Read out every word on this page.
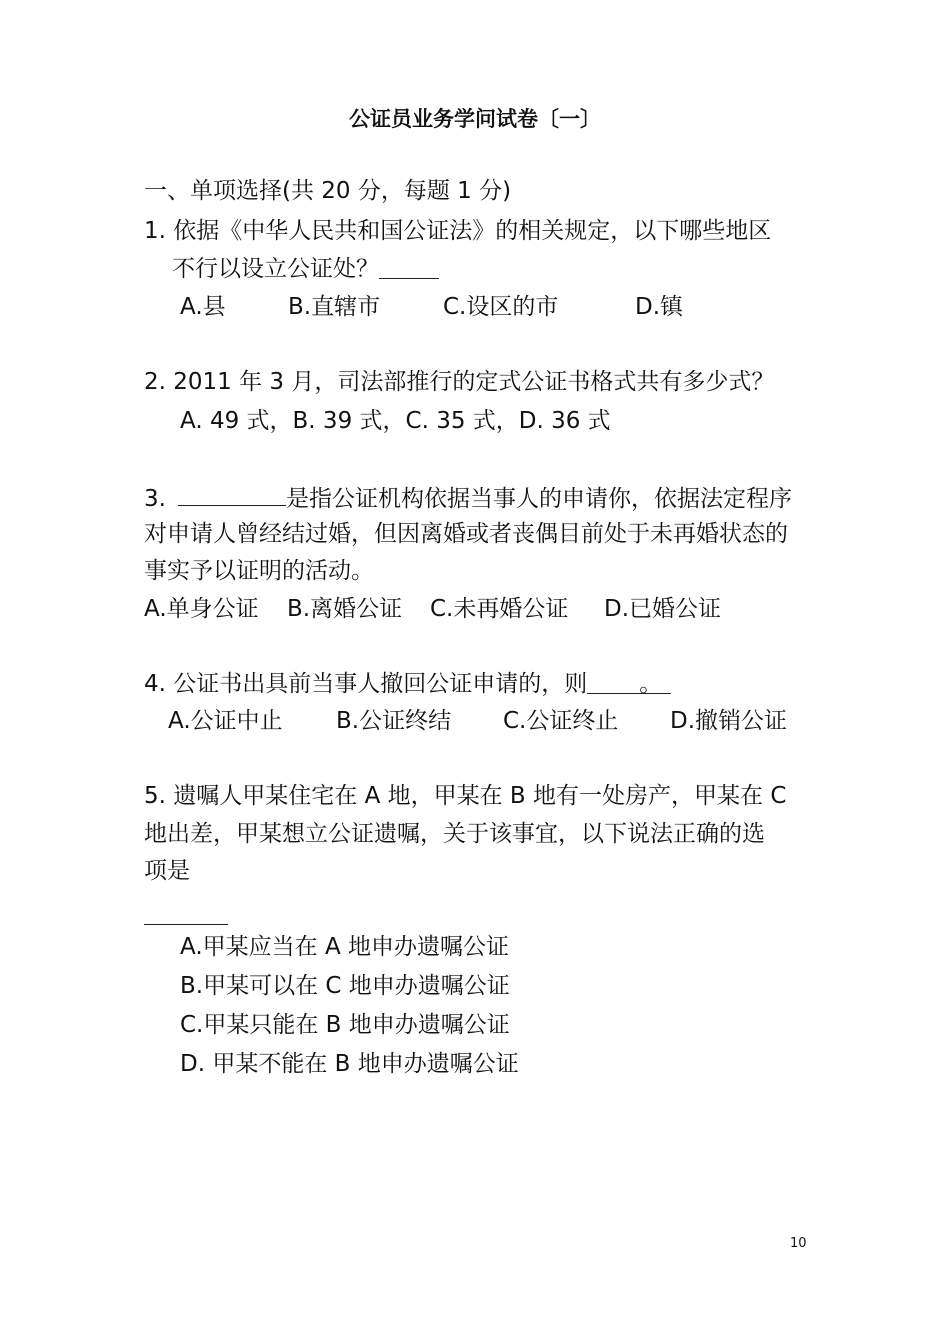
公证员业务学问试卷〔一〕
一、单项选择(共 20 分，每题 1 分)
1. 依据《中华人民共和国公证法》的相关规定，以下哪些地区
不行以设立公证处？
A.县	B.直辖市	C.设区的市	D.镇
2. 2011 年 3 月，司法部推行的定式公证书格式共有多少式？
A. 49 式，B. 39 式，C. 35 式，D. 36 式
3.	是指公证机构依据当事人的申请你，依据法定程序
对申请人曾经结过婚，但因离婚或者丧偶目前处于未再婚状态的
事实予以证明的活动。
A.单身公证 B.离婚公证 C.未再婚公证 D.已婚公证
4. 公证书出具前当事人撤回公证申请的，则 。
A.公证中止 B.公证终结 C.公证终止 D.撤销公证
5. 遗嘱人甲某住宅在 A 地，甲某在 B 地有一处房产，甲某在 C
地出差，甲某想立公证遗嘱，关于该事宜，以下说法正确的选
项是
A.甲某应当在 A 地申办遗嘱公证
B.甲某可以在 C 地申办遗嘱公证
C.甲某只能在 B 地申办遗嘱公证
D. 甲某不能在 B 地申办遗嘱公证
10
